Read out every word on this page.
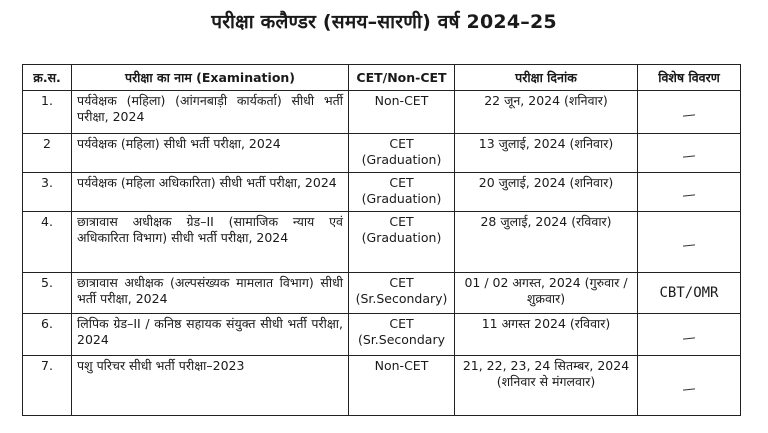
परीक्षा कलैण्डर (समय–सारणी) वर्ष 2024–25
क्र.स.	परीक्षा का नाम (Examination)	CET/Non-CET	परीक्षा दिनांक	विशेष विवरण
1.	पर्यवेक्षक (महिला) (आंगनबाड़ी कार्यकर्ता) सीधी भर्ती परीक्षा, 2024	Non-CET	22 जून, 2024 (शनिवार)	
2	पर्यवेक्षक (महिला) सीधी भर्ती परीक्षा, 2024	CET (Graduation)	13 जुलाई, 2024 (शनिवार)	
3.	पर्यवेक्षक (महिला अधिकारिता) सीधी भर्ती परीक्षा, 2024	CET (Graduation)	20 जुलाई, 2024 (शनिवार)	
4.	छात्रावास अधीक्षक ग्रेड–II (सामाजिक न्याय एवं अधिकारिता विभाग) सीधी भर्ती परीक्षा, 2024	CET (Graduation)	28 जुलाई, 2024 (रविवार)	
5.	छात्रावास अधीक्षक (अल्पसंख्यक मामलात विभाग) सीधी भर्ती परीक्षा, 2024	CET (Sr.Secondary)	01 / 02 अगस्त, 2024 (गुरुवार / शुक्रवार)	CBT/OMR
6.	लिपिक ग्रेड–II / कनिष्ठ सहायक संयुक्त सीधी भर्ती परीक्षा, 2024	CET (Sr.Secondary	11 अगस्त 2024 (रविवार)	
7.	पशु परिचर सीधी भर्ती परीक्षा–2023	Non-CET	21, 22, 23, 24 सितम्बर, 2024 (शनिवार से मंगलवार)	
